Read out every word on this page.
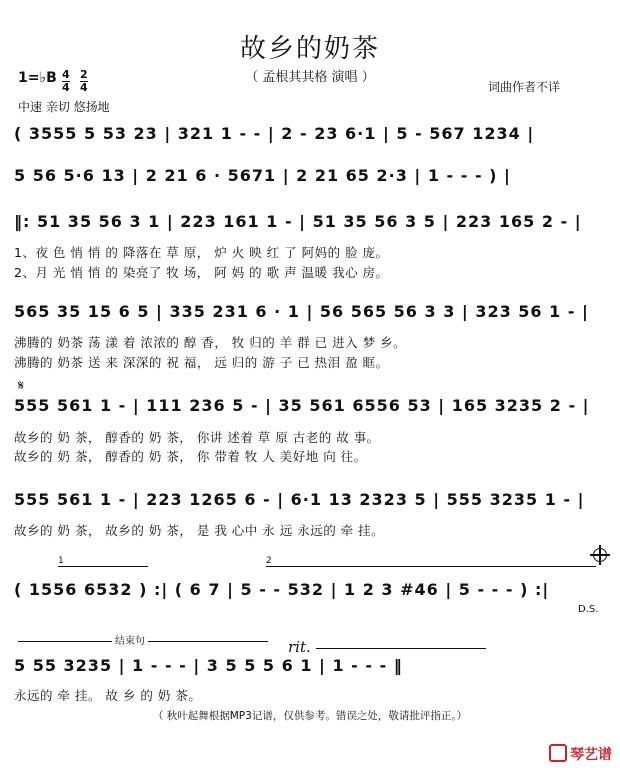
故乡的奶茶
（ 孟根其其格 演唱 ）
1=♭B 4
4
2
4	词曲作者不详
中速 亲切 悠扬地
( 3555 5 53 23 | 321 1 - - | 2 - 23 6·1 | 5 - 567 1234 |
5 56 5·6 13 | 2 21 6 · 5671 | 2 21 65 2·3 | 1 - - - ) |
‖: 51 35 56 3 1 | 223 161 1 - | 51 35 56 3 5 | 223 165 2 - |
1、夜 色 悄 悄 的 降落在 草 原， 炉 火 映 红 了 阿妈的 脸 庞。
2、月 光 悄 悄 的 染亮了 牧 场， 阿 妈 的 歌 声 温暖 我心 房。
565 35 15 6 5 | 335 231 6 · 1 | 56 565 56 3 3 | 323 56 1 - |
沸腾的 奶茶 荡 漾 着 浓浓的 醇 香， 牧 归的 羊 群 已 进入 梦 乡。
沸腾的 奶茶 送 来 深深的 祝 福， 远 归的 游 子 已 热泪 盈 眶。
𝄋
555 561 1 - | 111 236 5 - | 35 561 6556 53 | 165 3235 2 - |
故乡的 奶 茶， 醇香的 奶 茶， 你讲 述着 草 原 古老的 故 事。
故乡的 奶 茶， 醇香的 奶 茶， 你 带着 牧 人 美好地 向 往。
555 561 1 - | 223 1265 6 - | 6·1 13 2323 5 | 555 3235 1 - |
故乡的 奶 茶， 故乡的 奶 茶， 是 我 心中 永 远 永远的 牵 挂。
1	2
( 1556 6532 ) :| ( 6 7 | 5 - - 532 | 1 2 3 #46 | 5 - - - ) :|
D.S.
结束句	rit.
5 55 3235 | 1 - - - | 3 5 5 5 6 1 | 1 - - - ‖
永远的 牵 挂。 故 乡 的 奶 茶。
（ 秋叶起舞根据MP3记谱，仅供参考。错误之处，敬请批评指正。）
琴艺谱
